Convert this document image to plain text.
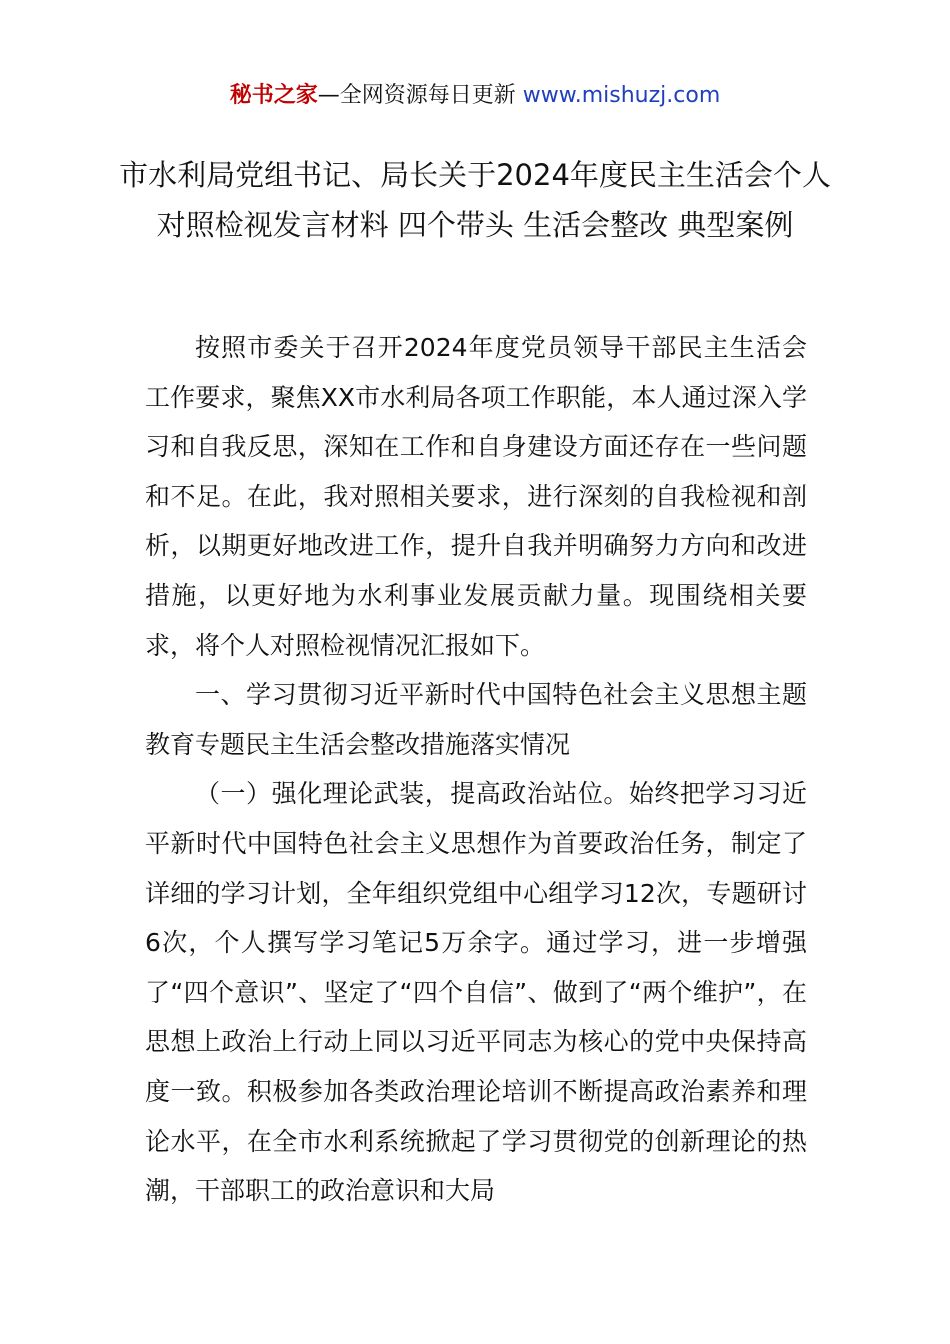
秘书之家—全网资源每日更新 www.mishuzj.com
市水利局党组书记、局长关于2024年度民主生活会个人对照检视发言材料 四个带头 生活会整改 典型案例

按照市委关于召开2024年度党员领导干部民主生活会工作要求，聚焦XX市水利局各项工作职能，本人通过深入学习和自我反思，深知在工作和自身建设方面还存在一些问题和不足。在此，我对照相关要求，进行深刻的自我检视和剖析，以期更好地改进工作，提升自我并明确努力方向和改进措施，以更好地为水利事业发展贡献力量。现围绕相关要求，将个人对照检视情况汇报如下。

一、学习贯彻习近平新时代中国特色社会主义思想主题教育专题民主生活会整改措施落实情况

（一）强化理论武装，提高政治站位。始终把学习习近平新时代中国特色社会主义思想作为首要政治任务，制定了详细的学习计划，全年组织党组中心组学习12次，专题研讨6次，个人撰写学习笔记5万余字。通过学习，进一步增强了“四个意识”、坚定了“四个自信”、做到了“两个维护”，在思想上政治上行动上同以习近平同志为核心的党中央保持高度一致。积极参加各类政治理论培训不断提高政治素养和理论水平，在全市水利系统掀起了学习贯彻党的创新理论的热潮，干部职工的政治意识和大局
